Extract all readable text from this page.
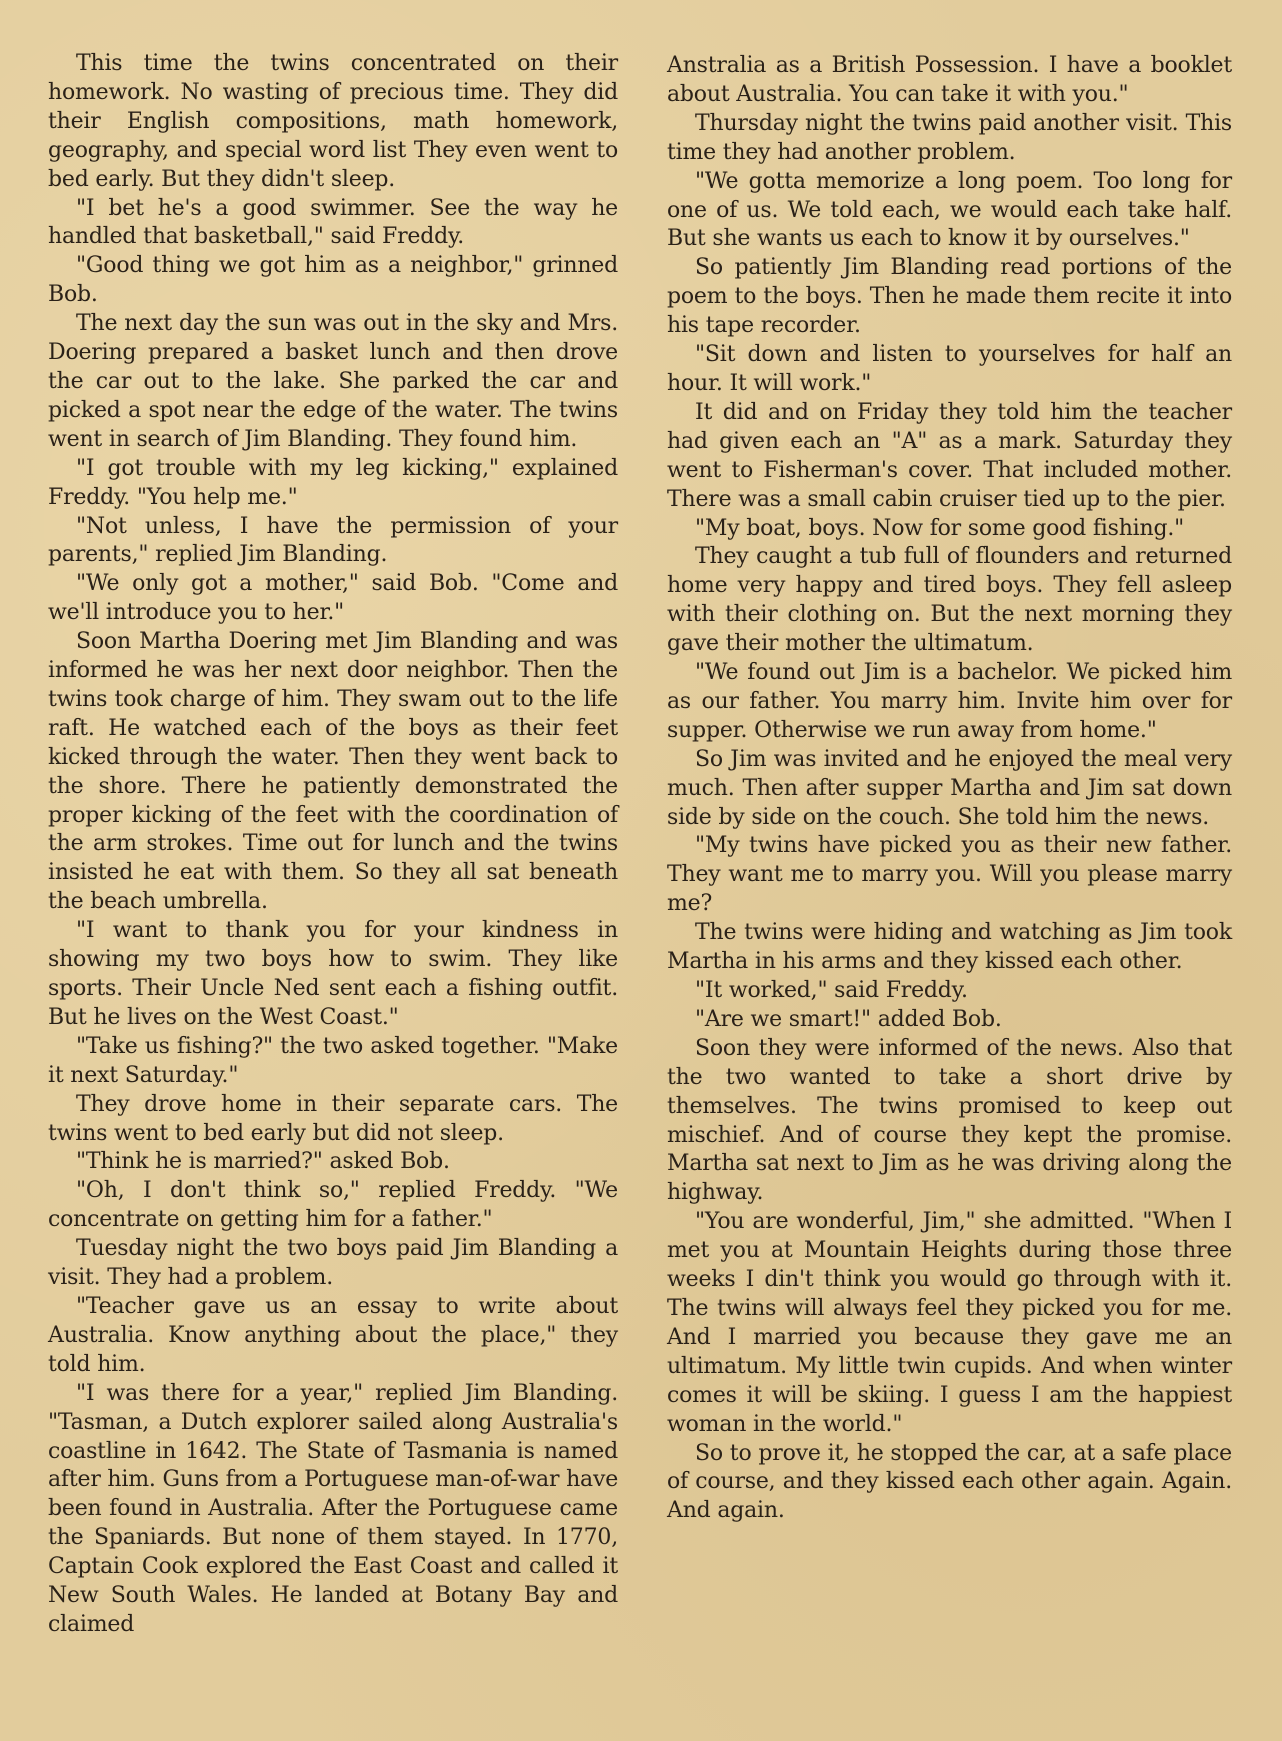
This time the twins concentrated on their homework. No wasting of precious time. They did their English compositions, math homework, geography, and special word list They even went to bed early. But they didn't sleep.

"I bet he's a good swimmer. See the way he handled that basketball," said Freddy.

"Good thing we got him as a neighbor," grinned Bob.

The next day the sun was out in the sky and Mrs. Doering prepared a basket lunch and then drove the car out to the lake. She parked the car and picked a spot near the edge of the water. The twins went in search of Jim Blanding. They found him.

"I got trouble with my leg kicking," explained Freddy. "You help me."

"Not unless, I have the permission of your parents," replied Jim Blanding.

"We only got a mother," said Bob. "Come and we'll introduce you to her."

Soon Martha Doering met Jim Blanding and was informed he was her next door neighbor. Then the twins took charge of him. They swam out to the life raft. He watched each of the boys as their feet kicked through the water. Then they went back to the shore. There he patiently demonstrated the proper kicking of the feet with the coordination of the arm strokes. Time out for lunch and the twins insisted he eat with them. So they all sat beneath the beach umbrella.

"I want to thank you for your kindness in showing my two boys how to swim. They like sports. Their Uncle Ned sent each a fishing outfit. But he lives on the West Coast."

"Take us fishing?" the two asked together. "Make it next Saturday."

They drove home in their separate cars. The twins went to bed early but did not sleep.

"Think he is married?" asked Bob.

"Oh, I don't think so," replied Freddy. "We concentrate on getting him for a father."

Tuesday night the two boys paid Jim Blanding a visit. They had a problem.

"Teacher gave us an essay to write about Australia. Know anything about the place," they told him.

"I was there for a year," replied Jim Blanding. "Tasman, a Dutch explorer sailed along Australia's coastline in 1642. The State of Tasmania is named after him. Guns from a Portuguese man-of-war have been found in Australia. After the Portuguese came the Spaniards. But none of them stayed. In 1770, Captain Cook explored the East Coast and called it New South Wales. He landed at Botany Bay and claimed

Anstralia as a British Possession. I have a booklet about Australia. You can take it with you."

Thursday night the twins paid another visit. This time they had another problem.

"We gotta memorize a long poem. Too long for one of us. We told each, we would each take half. But she wants us each to know it by ourselves."

So patiently Jim Blanding read portions of the poem to the boys. Then he made them recite it into his tape recorder.

"Sit down and listen to yourselves for half an hour. It will work."

It did and on Friday they told him the teacher had given each an "A" as a mark. Saturday they went to Fisherman's cover. That included mother. There was a small cabin cruiser tied up to the pier.

"My boat, boys. Now for some good fishing."

They caught a tub full of flounders and returned home very happy and tired boys. They fell asleep with their clothing on. But the next morning they gave their mother the ultimatum.

"We found out Jim is a bachelor. We picked him as our father. You marry him. Invite him over for supper. Otherwise we run away from home."

So Jim was invited and he enjoyed the meal very much. Then after supper Martha and Jim sat down side by side on the couch. She told him the news.

"My twins have picked you as their new father. They want me to marry you. Will you please marry me?

The twins were hiding and watching as Jim took Martha in his arms and they kissed each other.

"It worked," said Freddy.

"Are we smart!" added Bob.

Soon they were informed of the news. Also that the two wanted to take a short drive by themselves. The twins promised to keep out mischief. And of course they kept the promise. Martha sat next to Jim as he was driving along the highway.

"You are wonderful, Jim," she admitted. "When I met you at Mountain Heights during those three weeks I din't think you would go through with it. The twins will always feel they picked you for me. And I married you because they gave me an ultimatum. My little twin cupids. And when winter comes it will be skiing. I guess I am the happiest woman in the world."

So to prove it, he stopped the car, at a safe place of course, and they kissed each other again. Again. And again.
